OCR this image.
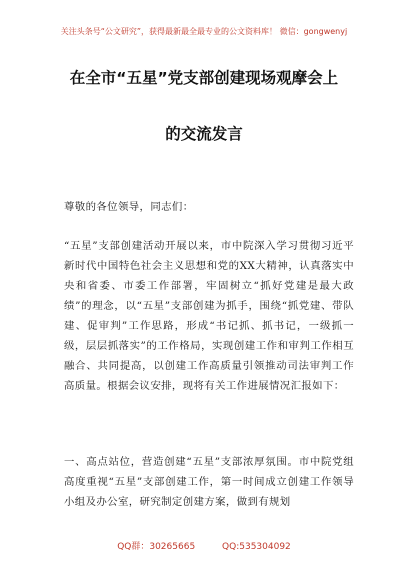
关注头条号“公文研究”，获得最新最全最专业的公文资料库！ 微信：gongwenyj
在全市“五星”党支部创建现场观摩会上
的交流发言
尊敬的各位领导，同志们：
“五星”支部创建活动开展以来，市中院深入学习贯彻习近平新时代中国特色社会主义思想和党的XX大精神，认真落实中央和省委、市委工作部署，牢固树立“抓好党建是最大政绩”的理念，以“五星”支部创建为抓手，围绕“抓党建、带队建、促审判”工作思路，形成“书记抓、抓书记，一级抓一级，层层抓落实”的工作格局，实现创建工作和审判工作相互融合、共同提高，以创建工作高质量引领推动司法审判工作高质量。根据会议安排，现将有关工作进展情况汇报如下：
一、高点站位，营造创建“五星”支部浓厚氛围。市中院党组高度重视“五星”支部创建工作，第一时间成立创建工作领导小组及办公室，研究制定创建方案，做到有规划
QQ群：30265665	QQ:535304092
